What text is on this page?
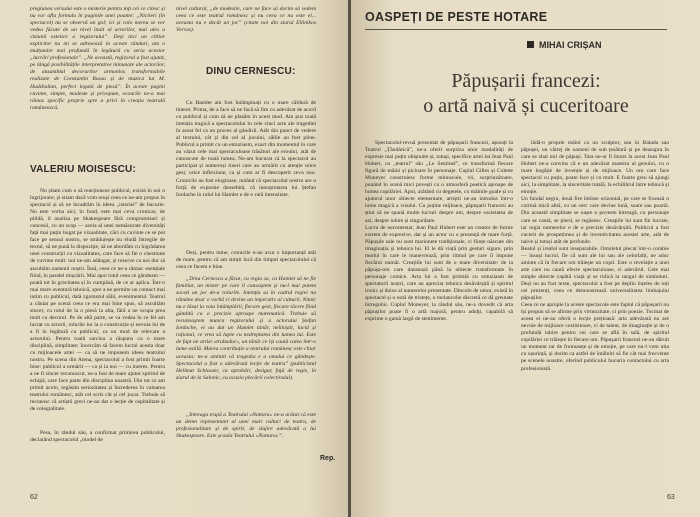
pregiunea versului este o misterie pentru toți cei ce citesc și nu vor afla formula în paginile unei poante: „Niciieri (în spectacol) nu se observă un gol; ici și colo mereu se vor vedea făcute de un nivel înalt al actorilor, mai ales a viziunii estetice a regizorului”. Deși nici un cititor explicitor nu mi se adresează în aceste rânduri, am o mulțumire mai profundă în legătură cu seria acestor „lucrări profesionale”. „Ne aceastǎ, regizorul a fost ajutat, pe lângă posibilitățile interpretative minunate ale actorilor, de ansamblul decorurilor armonios transformabile realizate de Constantin Russu și de muzica lui M. Hudzbalian, perfect legată de piesă”. În aceste pagini cuvinte, simple, modeste și pricepute, ecourile ne-a mai rămas specific proprie spre a privi în creația teatrală românească.

VALERIU MOISESCU:

Nu știam cum o să reacționeze publicul, existà în noi o îngrijorare; și stiam dacă vom reuși ceea ce ne-am propus în spectacol și să ne încadrăm în ideea „istoriei” de bucurie. Nu este vorba aici, în fond, este mai ceva cronicar, de plildă, il analiza pe Shakespeare fără compromisuri și concesii, cu un scop — acela al unei nemăsurate diversități față mai puțin bogat pe vizualitate, căci cu cuvinte ce se pot face pe sensul nostru, se străduiește nu eludă întregile de textul, să ne pună la dispoziție, să ne abordăm cu îngrădarea unei construcții cu vizualitatea, care face să fie o chestiune de cuvinte mult: noi ne-am adăugat, și rezerve ca noi dor să ascultăm oamenii noștri. Însă, ceea ce ne-a rămas: esențiale fiind, în paralel mișcării. Mai apoi totul ceea ce gândeam — poată tot în gravitatea și în cumpănă, de ce ar aplica. Într-o mai mare aventură tehnică, spre a ne permite un contact mai intim cu publicul, dată zgomotul sălii, evenimentul. Teatrul a căutat pe scenă ceea ce era mai bine spus, să ascultăm sincer, cu totul de la o piesă la alta, fără a ne ocupa prea mult cu decorul. Pe de altă parte, se va vedea în ce fel am lucrat cu actorii, rolurile lor la o construcție și nevoia lui de a fi în legătură cu publicul, ca un mod de relevare a actorului. Pentru toată sarcina a răspuns cu o mare disciplină, simplitate; încercăm să facem lucrul acesta doar cu mijloacele artei — ca să ne impunem ideea teatrului nostru. Pe scena din Atena, spectacolul a fost primit foarte bine: publicul a urmărit — ca și la noi — cu interes. Pentru a ne fi sincer recunoscut, ne-a fost de mare ajutor spiritul de echipă, care face parte din disciplina noastră. Din tot ce am primit acolo, regăsim seriozitatea și încrederea în valoarea teatrului românesc, atât cel scris cât și cel jucat. Trebuie să recunosc că artiștii greci ne-au dat o lecție de ospitalitate și de colegialitate.

Pesa, în rândul său, a confirmat primirea publicului, declarând spectacolul „model de

nivel cultural, „de modestie, care ne face să dorim să vedem ceea ce este teatrul românesc și nu ceea ce nu este el... aceasta nu e decât un joc” (citate noi din ziarul Ellinikos Vorras).

DINU CERNESCU:

Cu Hamlet am fost întâmpinați cu o mare căldură de tineret. Prima, de a face să ne facă să fim cu adevărat de acord cu publicul și cum să ne plasăm în acest mod. Am pus toată intenția tragică a spectacolului în cele cinci acte ale tragediei în acest fel ca un proces al gândirii. Atât din punct de vedere al textului, cât și din cel al jocului, sălile au fost pline. Publicul a primit cu un entuziasm, exact din momentul în care au văzut cele mai spectaculoase trăsături ale eroului, atât de cunoscute de toată lumea. Ne-am bucurat că la spectacol au participat și numeroși tineri care au urmărit cu atenție orice gest, orice inflexiune, ca și cum ar fi descoperit ceva nou. Cronicile au fost elogioase, notând că spectacolul nostru are o forță de expresie deosebită, că interpretarea lui Ștefan Iordache în rolul lui Hamlet e de o rară intensitate.

Deși, pentru mine, cronicile n-au avut o importanță atât de mare, pentru că am simțit încă din timpul spectacolului că ceea ce facem e bine.

„Dinu Cernescu a făcut, cu regia sa, ca Hamlet să ne fie familiar, un mister pe care îl cunoaștem și nu-l mai putem socoti un joc de-a rolurile. Intenția sa în cadrul regiei nu rămâne doar o vorbă ci devine un imperativ al culturii. Nimic nu e lăsat la voia întâmplării, fiecare gest, fiecare tăcere fiind gândită cu o precizie aproape matematică. Trebuie să recunoaștem munca regizorului și a actorului Ștefan Iordache, ei au dat un Hamlet tânăr, neliniștit, lucid și rațional, ce vrea să lupte cu nedreptatea din lumea lui. Este de fapt un artist «trubadur», un tânăr ce își caută calea într-o lume ostilă. Marea contribuție a teatrului românesc este chiar aceasta: ne-a amintit că tragedia e a omului ce gândește. Spectacolul a fost o adevărată lecție de teatru” (publicistul Hellmut Schlosser, cu aprobări, desigur, față de regie, în ziarul de la Salonic, cu ocazia plecării colectivului).

„Întreaga trupă a Teatrului «Nottara» ne-a arătat că este un demn reprezentant al unei mari culturi de teatru, de profesionalitate și de spirit, de slujire adevărată a lui Shakespeare. Este școala Teatrului «Nottara»”.

Rep.
62
OASPEȚI DE PESTE HOTARE
MIHAI CRIȘAN
Păpușarii francezi:
o artă naivă și cuceritoare

Spectacolul-revuă prezentat de păpușarii francezi, așezați la Teatrul „Țăndărică”, ne-a oferit surpriza unor modalități de expresie mai puțin obișnuite și, totuși, specifice artei lui Jean Paul Hubert, cu „teatrul” său „Le Sentinel”, ce transformă fiecare figură de mâini și picioare în personaje. Cuplul Gilles și Colette Moneyer construiesc forme minuscule, vii, surprinzătoare, punând în scenă mici povești cu o atmosferă poetică aproape de lumea copilăriei. Apoi, arătând cu degetele, cu mâinile goale și cu ajutorul unor obiecte elementare, artiștii ne-au introdus într-o lume magică a visului. Cu puține mijloace, păpușarii francezi au știut să ne spună multe lucruri despre om, despre societatea de azi, despre iubire și singurătate.
Lucru de necontestat, Jean Paul Hubert este un creator de forme extrem de expresive, dar și un actor cu o prezență de mare forță. Păpușile sale nu sunt marionete tradiționale, ci ființe născute din imaginația și tehnica lui. El le dă viață prin gesturi sigure, prin modul în care le manevrează, prin ritmul pe care îl impune fiecărui număr. Creațiile lui sunt de o mare diversitate: de la păpușa-om care dansează până la obiecte transformate în personaje comice. Arta lui a fost primită cu entuziasm de spectatorii noștri, care au apreciat tehnica desăvârșită și spiritul ironic și duios al numerelor prezentate. Dincolo de umor, există în spectacol și o notă de tristețe, o melancolie discretă ce dă greutate întregului. Cuplul Moneyer, la rândul său, ne-a dovedit că arta păpușilor poate fi o artă majoră, pentru adulți, capabilă să exprime o gamă largă de sentimente.

lădă-o proprie mâini ca un sculptor, sau în Balada sau păpușei, un vârtej de oameni de sub țesătură și pe deasupra în care se zbat mii de păpuși. Tata ne-ar fi întors la acest Jean Paul Hubert ne-a convins că e un adevărat maestru al genului, cu o mare bogăție de invenție și de mijloace. Un om care face spectacol cu puțin, poate face și cu mult. E foarte greu să ajungi aici, la simplitate, la sinceritate totală, la echilibrul între tehnică și emoție.
Un fundal negru, două fire întinse orizontal, pe care se fixează o cortină mică albă, cu un cerc care devine lună, soare sau poartă. Din această simplitate se naște o poveste întreagă, cu personaje care se caută, se pierd, se regăsesc. Creațiile lui sunt fin lucrate, iar regia numerelor e de o precizie desăvârșită. Publicul a fost cucerit de prospețimea și de inventivitatea acestei arte, atât de naive și totuși atât de profunde.
Realul și irealul sunt inseparabile. Omuletul plecat într-o corabie — însuși lucrul, fie că sunt ale lui sau ale celorlalți, ne aduc aminte că în fiecare om trăiește un copil. Este o revelație a unei arte care nu caută efecte spectaculoase, ci adevărul. Cele mai simple obiecte capătă viață și se ridică la rangul de simboluri. Deși nu au fost texte, spectacolul a fost pe deplin înțeles de toți cei prezenți, ceea ce demonstrează universalitatea limbajului păpușilor.
Ceea ce ne apropie la aceste spectacole este faptul că păpușarii nu își propun să se afirme prin virtuozitate, ci prin poezie. Tocmai de aceea ei ne-au oferit o lecție prețioasă: arta adevărată nu are nevoie de mijloace costisitoare, ci de talent, de imaginație și de o profundă iubire pentru cei care se află în sală, de spiritul copilăriei ce trăiește în fiecare om. Păpușarii francezi ne-au dăruit un moment rar de frumusețe și de emoție, pe care nu-l vom uita cu ușurință, și dorim ca astfel de întâlniri să fie cât mai frecvente pe scenele noastre, oferind publicului bucuria contactului cu arta profesionistă.

63
